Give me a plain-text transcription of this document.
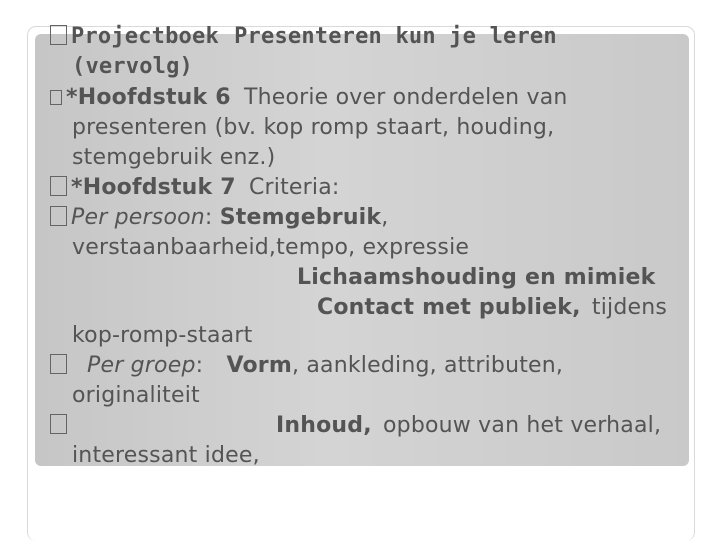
Projectboek Presenteren kun je leren
(vervolg)
*Hoofdstuk 6 Theorie over onderdelen van
presenteren (bv. kop romp staart, houding,
stemgebruik enz.)
*Hoofdstuk 7 Criteria:
Per persoon: Stemgebruik,
verstaanbaarheid,tempo, expressie
Lichaamshouding en mimiek
Contact met publiek, tijdens
kop-romp-staart
Per groep: Vorm, aankleding, attributen,
originaliteit
Inhoud, opbouw van het verhaal,
interessant idee,
*Hoofdstuk 8 Evaluatie proces en product, en
